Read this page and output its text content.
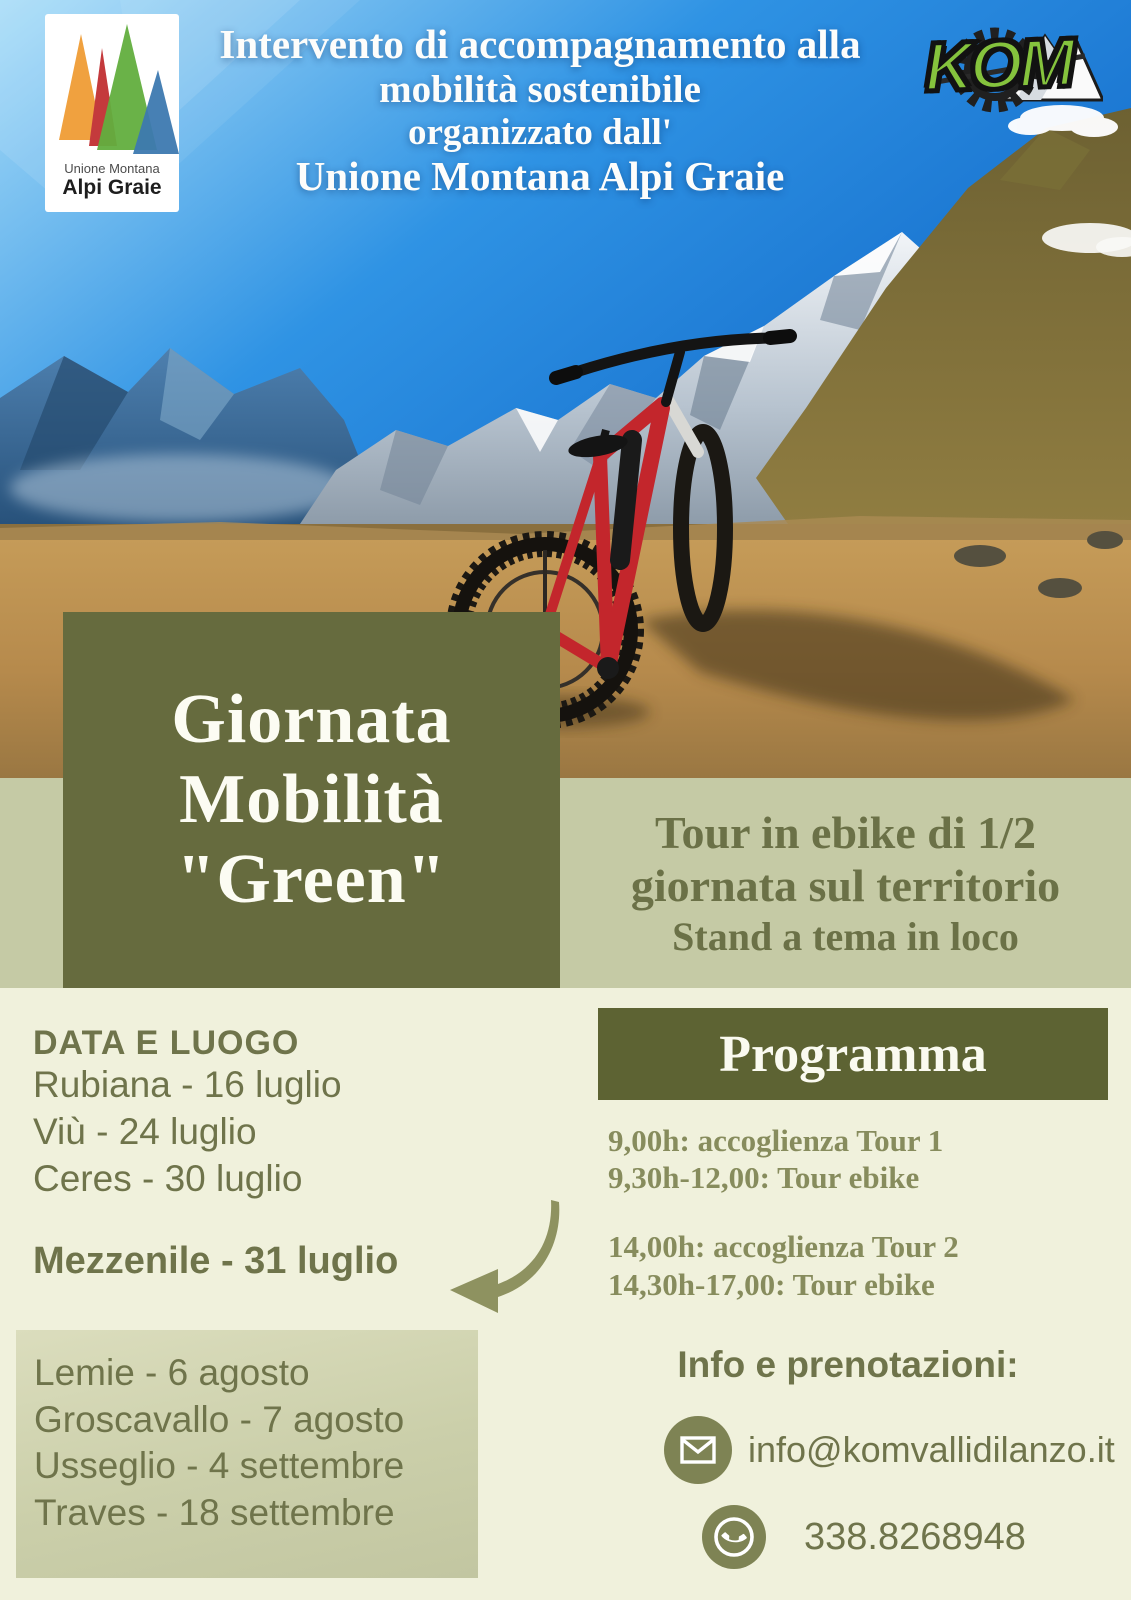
Intervento di accompagnamento alla
mobilità sostenibile
organizzato dall'
Unione Montana Alpi Graie
Unione Montana
Alpi Graie
KOM
Tour in ebike di 1/2
giornata sul territorio
Stand a tema in loco
Giornata
Mobilità
"Green"
DATA E LUOGO
Rubiana - 16 luglio
Viù - 24 luglio
Ceres - 30 luglio
Mezzenile - 31 luglio
Lemie - 6 agosto
Groscavallo - 7 agosto
Usseglio - 4 settembre
Traves - 18 settembre
Programma
9,00h: accoglienza Tour 1
9,30h-12,00: Tour ebike
14,00h: accoglienza Tour 2
14,30h-17,00: Tour ebike
Info e prenotazioni:
info@komvallidilanzo.it
338.8268948
